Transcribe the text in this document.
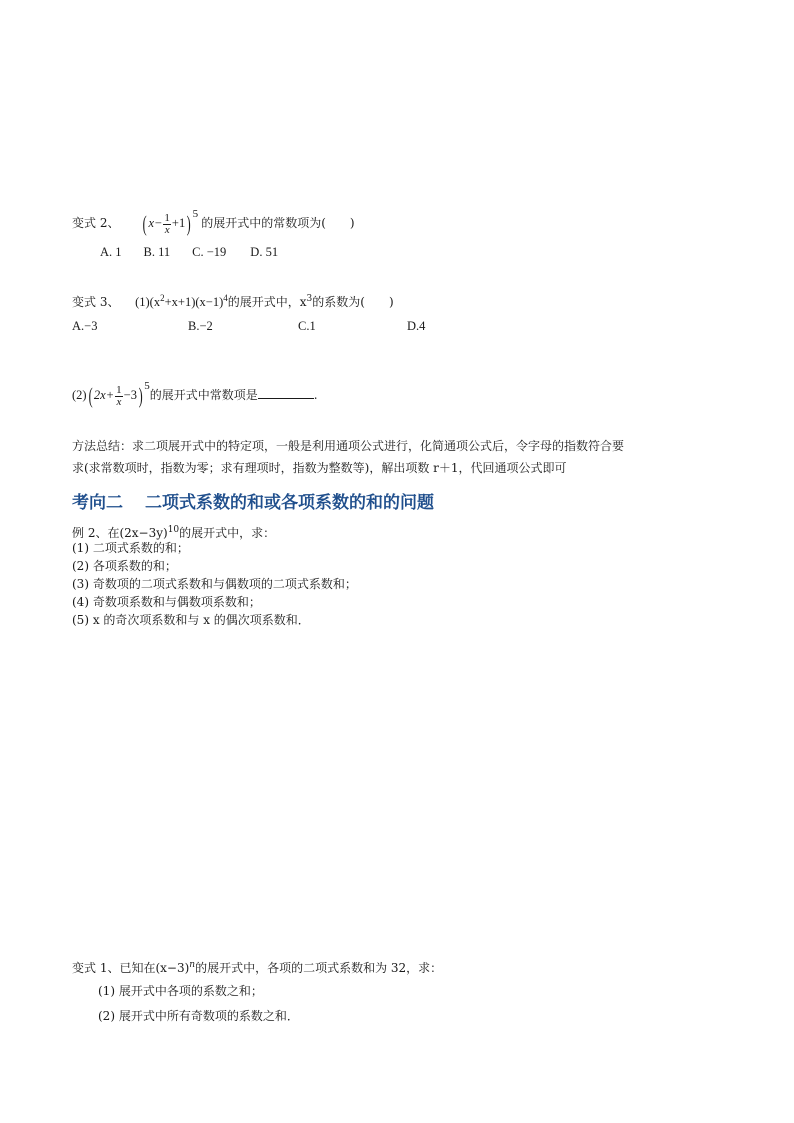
变式 2、 ( $x- \frac{1}{x} +1$) 5 的展开式中的常数项为(　　)
A. 1 B. 11 C. −19 D. 51
变式 3、 $(1)(x^2+x+1)(x-1)^4$的展开式中，$x^3$的系数为(　　)
A.−3	B.−2	C.1	D.4
(2)( $2x+ \frac{1}{x} -3$) 5的展开式中常数项是	.
方法总结：求二项展开式中的特定项，一般是利用通项公式进行，化简通项公式后，令字母的指数符合要
求(求常数项时，指数为零；求有理项时，指数为整数等)，解出项数 r＋1，代回通项公式即可
考向二 二项式系数的和或各项系数的和的问题
例 2、在$(2x-3y)^{10}$的展开式中，求：
(1) 二项式系数的和；
(2) 各项系数的和；
(3) 奇数项的二项式系数和与偶数项的二项式系数和；
(4) 奇数项系数和与偶数项系数和；
(5) x 的奇次项系数和与 x 的偶次项系数和．
变式 1、已知在$(x-3)^n$的展开式中，各项的二项式系数和为 32，求：
(1) 展开式中各项的系数之和；
(2) 展开式中所有奇数项的系数之和．
